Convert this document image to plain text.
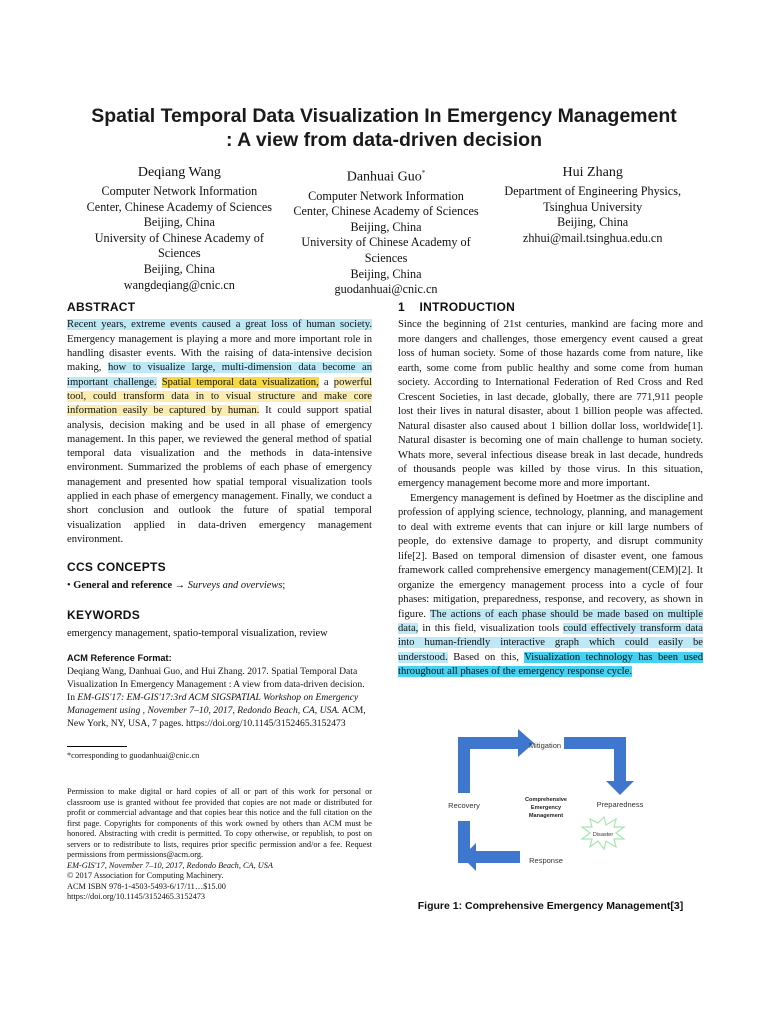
Spatial Temporal Data Visualization In Emergency Management
: A view from data-driven decision
Deqiang Wang
Computer Network Information
Center, Chinese Academy of Sciences
Beijing, China
University of Chinese Academy of
Sciences
Beijing, China
wangdeqiang@cnic.cn
Danhuai Guo*
Computer Network Information
Center, Chinese Academy of Sciences
Beijing, China
University of Chinese Academy of
Sciences
Beijing, China
guodanhuai@cnic.cn
Hui Zhang
Department of Engineering Physics,
Tsinghua University
Beijing, China
zhhui@mail.tsinghua.edu.cn
ABSTRACT

Recent years, extreme events caused a great loss of human society. Emergency management is playing a more and more important role in handling disaster events. With the raising of data-intensive decision making, how to visualize large, multi-dimension data become an important challenge. Spatial temporal data visualization, a powerful tool, could transform data in to visual structure and make core information easily be captured by human. It could support spatial analysis, decision making and be used in all phase of emergency management. In this paper, we reviewed the general method of spatial temporal data visualization and the methods in data-intensive environment. Summarized the problems of each phase of emergency management and presented how spatial temporal visualization tools applied in each phase of emergency management. Finally, we conduct a short conclusion and outlook the future of spatial temporal visualization applied in data-driven emergency management environment.

CCS CONCEPTS
• General and reference → Surveys and overviews;
KEYWORDS
emergency management, spatio-temporal visualization, review
ACM Reference Format:
Deqiang Wang, Danhuai Guo, and Hui Zhang. 2017. Spatial Temporal Data Visualization In Emergency Management : A view from data-driven decision. In EM-GIS'17: EM-GIS'17:3rd ACM SIGSPATIAL Workshop on Emergency Management using , November 7–10, 2017, Redondo Beach, CA, USA. ACM, New York, NY, USA, 7 pages. https://doi.org/10.1145/3152465.3152473
*corresponding to guodanhuai@cnic.cn

Permission to make digital or hard copies of all or part of this work for personal or classroom use is granted without fee provided that copies are not made or distributed for profit or commercial advantage and that copies bear this notice and the full citation on the first page. Copyrights for components of this work owned by others than ACM must be honored. Abstracting with credit is permitted. To copy otherwise, or republish, to post on servers or to redistribute to lists, requires prior specific permission and/or a fee. Request permissions from permissions@acm.org.

EM-GIS'17, November 7–10, 2017, Redondo Beach, CA, USA
© 2017 Association for Computing Machinery.
ACM ISBN 978-1-4503-5493-6/17/11…$15.00
https://doi.org/10.1145/3152465.3152473
1 INTRODUCTION

Since the beginning of 21st centuries, mankind are facing more and more dangers and challenges, those emergency event caused a great loss of human society. Some of those hazards come from nature, like earth, some come from public healthy and some come from human society. According to International Federation of Red Cross and Red Crescent Societies, in last decade, globally, there are 771,911 people lost their lives in natural disaster, about 1 billion people was affected. Natural disaster also caused about 1 billion dollar loss, worldwide[1]. Natural disaster is becoming one of main challenge to human society. Whats more, several infectious disease break in last decade, hundreds of thousands people was killed by those virus. In this situation, emergency management become more and more important.

Emergency management is defined by Hoetmer as the discipline and profession of applying science, technology, planning, and management to deal with extreme events that can injure or kill large numbers of people, do extensive damage to property, and disrupt community life[2]. Based on temporal dimension of disaster event, one famous framework called comprehensive emergency management(CEM)[2]. It organize the emergency management process into a cycle of four phases: mitigation, preparedness, response, and recovery, as shown in figure. The actions of each phase should be made based on multiple data, in this field, visualization tools could effectively transform data into human-friendly interactive graph which could easily be understood. Based on this, Visualization technology has been used throughout all phases of the emergency response cycle.

Mitigation
Preparedness
Response
Recovery
Comprehensive
Emergency
Management
Disaster
Figure 1: Comprehensive Emergency Management[3]
